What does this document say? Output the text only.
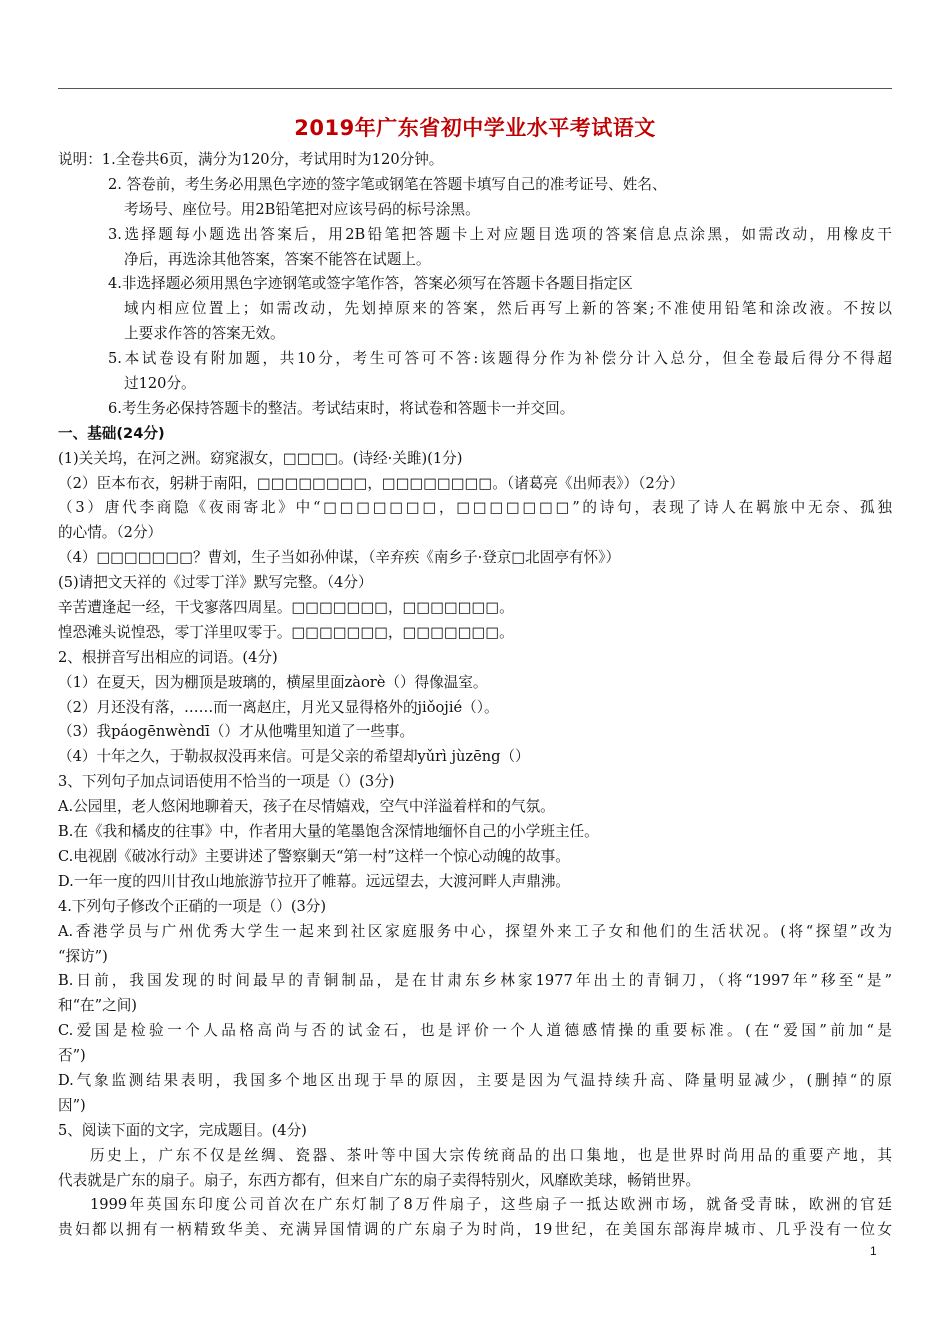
2019年广东省初中学业水平考试语文
说明：1.全卷共6页，满分为120分，考试用时为120分钟。
2. 答卷前，考生务必用黑色字迹的签字笔或钢笔在答题卡填写自己的准考证号、姓名、
考场号、座位号。用2B铅笔把对应该号码的标号涂黑。
3.选择题每小题选出答案后，用2B铅笔把答题卡上对应题目选项的答案信息点涂黑，如需改动，用橡皮干
净后，再选涂其他答案，答案不能答在试题上。
4.非选择题必须用黑色字迹钢笔或签字笔作答，答案必须写在答题卡各题目指定区
域内相应位置上；如需改动，先划掉原来的答案，然后再写上新的答案;不准使用铅笔和涂改液。不按以
上要求作答的答案无效。
5.本试卷设有附加题，共10分，考生可答可不答:该题得分作为补偿分计入总分，但全卷最后得分不得超
过120分。
6.考生务必保持答题卡的整洁。考试结束时，将试卷和答题卡一并交回。
一、基础(24分)
(1)关关坞，在河之洲。窈窕淑女，□□□□。(诗经·关雎)(1分)
（2）臣本布衣，躬耕于南阳，□□□□□□□□，□□□□□□□□。（诸葛亮《出师表》）（2分）
（3）唐代李商隐《夜雨寄北》中“□□□□□□□，□□□□□□□”的诗句，表现了诗人在羁旅中无奈、孤独
的心情。（2分）
（4）□□□□□□□？曹刘，生子当如孙仲谋，（辛弃疾《南乡子·登京□北固亭有怀》）
(5)请把文天祥的《过零丁洋》默写完整。（4分）
辛苦遭逢起一经，干戈寥落四周星。□□□□□□□，□□□□□□□。
惶恐滩头说惶恐，零丁洋里叹零于。□□□□□□□，□□□□□□□。
2、根拼音写出相应的词语。(4分)
（1）在夏天，因为棚顶是玻璃的，横屋里面zàorè（）得像温室。
（2）月还没有落，……而一离赵庄，月光又显得格外的jiǒojié（）。
（3）我páogēnwèndī（）才从他嘴里知道了一些事。
（4）十年之久，于勒叔叔没再来信。可是父亲的希望却yǔrì jùzēng（）
3、下列句子加点词语使用不恰当的一项是（）(3分)
A.公园里，老人悠闲地聊着天，孩子在尽情嬉戏，空气中洋溢着样和的气氛。
B.在《我和橘皮的往事》中，作者用大量的笔墨饱含深情地缅怀自己的小学班主任。
C.电视剧《破冰行动》主要讲述了警察剿天“第一村”这样一个惊心动魄的故事。
D.一年一度的四川甘孜山地旅游节拉开了帷幕。远远望去，大渡河畔人声鼎沸。
4.下列句子修改个正硝的一项是（）(3分)
A.香港学员与广州优秀大学生一起来到社区家庭服务中心，探望外来工子女和他们的生活状况。(将“探望”改为
“探访”)
B.日前，我国发现的时间最早的青铜制品，是在甘肃东乡林家1977年出土的青铜刀，（将“1997年”移至“是”
和“在”之间)
C.爱国是检验一个人品格高尚与否的试金石，也是评价一个人道德感情操的重要标准。(在“爱国”前加“是
否”)
D.气象监测结果表明，我国多个地区出现于旱的原因，主要是因为气温持续升高、降量明显减少，(删掉“的原
因”)
5、阅读下面的文字，完成题目。(4分)
历史上，广东不仅是丝绸、瓷器、茶叶等中国大宗传统商品的出口集地，也是世界时尚用品的重要产地，其
代表就是广东的扇子。扇子，东西方都有，但来自广东的扇子卖得特别火，风靡欧美球，畅销世界。
1999年英国东印度公司首次在广东灯制了8万件扇子，这些扇子一抵达欧洲市场，就备受青昧，欧洲的官廷
贵妇都以拥有一柄精致华美、充满异国情调的广东扇子为时尚，19世纪，在美国东部海岸城市、几乎没有一位女
1
